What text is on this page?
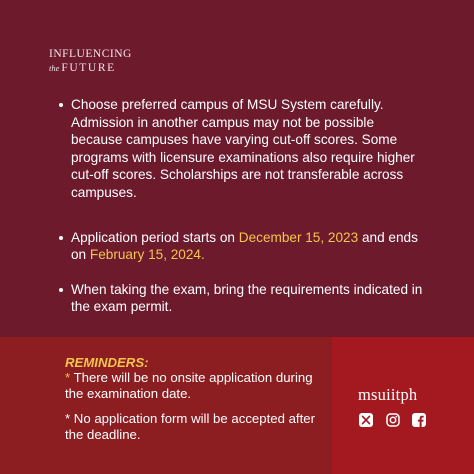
INFLUENCING
the FUTURE
Choose preferred campus of MSU System carefully. Admission in another campus may not be possible because campuses have varying cut-off scores. Some programs with licensure examinations also require higher cut-off scores. Scholarships are not transferable across campuses.
Application period starts on December 15, 2023 and ends on February 15, 2024.
When taking the exam, bring the requirements indicated in the exam permit.
REMINDERS:
* There will be no onsite application during the examination date.
* No application form will be accepted after the deadline.
msuiitph
